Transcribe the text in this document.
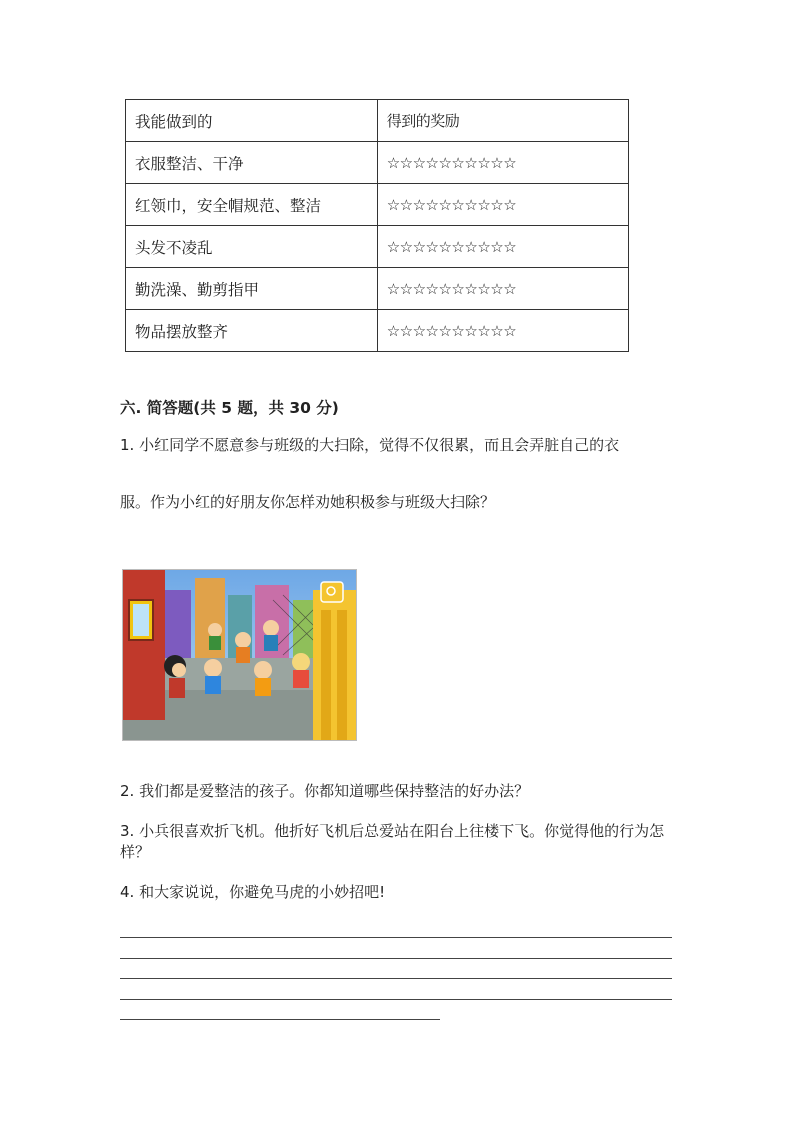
我能做到的	得到的奖励
衣服整洁、干净	☆☆☆☆☆☆☆☆☆☆
红领巾，安全帽规范、整洁	☆☆☆☆☆☆☆☆☆☆
头发不凌乱	☆☆☆☆☆☆☆☆☆☆
勤洗澡、勤剪指甲	☆☆☆☆☆☆☆☆☆☆
物品摆放整齐	☆☆☆☆☆☆☆☆☆☆
六. 简答题(共 5 题，共 30 分)
1. 小红同学不愿意参与班级的大扫除，觉得不仅很累，而且会弄脏自己的衣
服。作为小红的好朋友你怎样劝她积极参与班级大扫除？
2. 我们都是爱整洁的孩子。你都知道哪些保持整洁的好办法？
3. 小兵很喜欢折飞机。他折好飞机后总爱站在阳台上往楼下飞。你觉得他的行为怎样？
4. 和大家说说，你避免马虎的小妙招吧!
